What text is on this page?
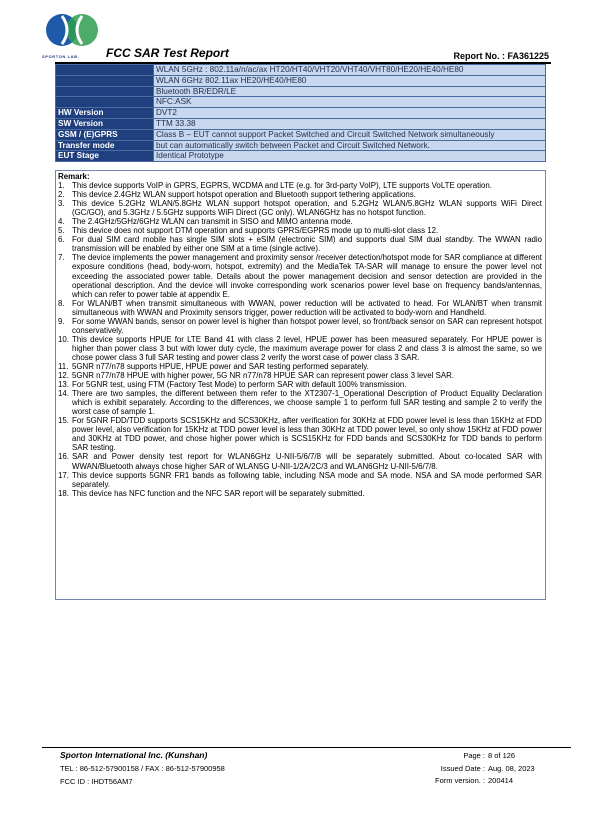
SPORTON LAB.	FCC SAR Test Report	Report No. : FA361225
	WLAN 5GHz : 802.11a/n/ac/ax HT20/HT40/VHT20/VHT40/VHT80/HE20/HE40/HE80
	WLAN 6GHz 802.11ax HE20/HE40/HE80
	Bluetooth BR/EDR/LE
	NFC:ASK
HW Version	DVT2
SW Version	TTM 33.38
GSM / (E)GPRS	Class B – EUT cannot support Packet Switched and Circuit Switched Network simultaneously
Transfer mode	but can automatically switch between Packet and Circuit Switched Network.
EUT Stage	Identical Prototype
Remark:
1. This device supports VoIP in GPRS, EGPRS, WCDMA and LTE (e.g. for 3rd-party VoIP), LTE supports VoLTE operation.
2. This device 2.4GHz WLAN support hotspot operation and Bluetooth support tethering applications.
3. This device 5.2GHz WLAN/5.8GHz WLAN support hotspot operation, and 5.2GHz WLAN/5.8GHz WLAN supports WiFi Direct (GC/GO), and 5.3GHz / 5.5GHz supports WiFi Direct (GC only). WLAN6GHz has no hotspot function.
4. The 2.4GHz/5GHz/6GHz WLAN can transmit in SISO and MIMO antenna mode.
5. This device does not support DTM operation and supports GPRS/EGPRS mode up to multi-slot class 12.
6. For dual SIM card mobile has single SIM slots + eSIM (electronic SIM) and supports dual SIM dual standby. The WWAN radio transmission will be enabled by either one SIM at a time (single active).
7. The device implements the power management and proximity sensor /receiver detection/hotspot mode for SAR compliance at different exposure conditions (head, body-worn, hotspot, extremity) and the MediaTek TA-SAR will manage to ensure the power level not exceeding the associated power table. Details about the power management decision and sensor detection are provided in the operational description. And the device will invoke corresponding work scenarios power level base on frequency bands/antennas, which can refer to power table at appendix E.
8. For WLAN/BT when transmit simultaneous with WWAN, power reduction will be activated to head. For WLAN/BT when transmit simultaneous with WWAN and Proximity sensors trigger, power reduction will be activated to body-worn and Handheld.
9. For some WWAN bands, sensor on power level is higher than hotspot power level, so front/back sensor on SAR can represent hotspot conservatively.
10. This device supports HPUE for LTE Band 41 with class 2 level, HPUE power has been measured separately. For HPUE power is higher than power class 3 but with lower duty cycle, the maximum average power for class 2 and class 3 is almost the same, so we chose power class 3 full SAR testing and power class 2 verify the worst case of power class 3 SAR.
11. 5GNR n77/n78 supports HPUE, HPUE power and SAR testing performed separately.
12. 5GNR n77/n78 HPUE with higher power, 5G NR n77/n78 HPUE SAR can represent power class 3 level SAR.
13. For 5GNR test, using FTM (Factory Test Mode) to perform SAR with default 100% transmission.
14. There are two samples, the different between them refer to the XT2307-1_Operational Description of Product Equality Declaration which is exhibit separately. According to the differences, we choose sample 1 to perform full SAR testing and sample 2 to verify the worst case of sample 1.
15. For 5GNR FDD/TDD supports SCS15KHz and SCS30KHz, after verification for 30KHz at FDD power level is less than 15KHz at FDD power level, also verification for 15KHz at TDD power level is less than 30KHz at TDD power level, so only show 15KHz at FDD power and 30KHz at TDD power, and chose higher power which is SCS15KHz for FDD bands and SCS30KHz for TDD bands to perform SAR testing.
16. SAR and Power density test report for WLAN6GHz U-NII-5/6/7/8 will be separately submitted. About co-located SAR with WWAN/Bluetooth always chose higher SAR of WLAN5G U-NII-1/2A/2C/3 and WLAN6GHz U-NII-5/6/7/8.
17. This device supports 5GNR FR1 bands as following table, including NSA mode and SA mode. NSA and SA mode performed SAR separately.
18. This device has NFC function and the NFC SAR report will be separately submitted.
Sporton International Inc. (Kunshan)
TEL : 86-512-57900158 / FAX : 86-512-57900958
FCC ID : IHDT56AM7
Page : 8 of 126
Issued Date : Aug. 08, 2023
Form version. : 200414
